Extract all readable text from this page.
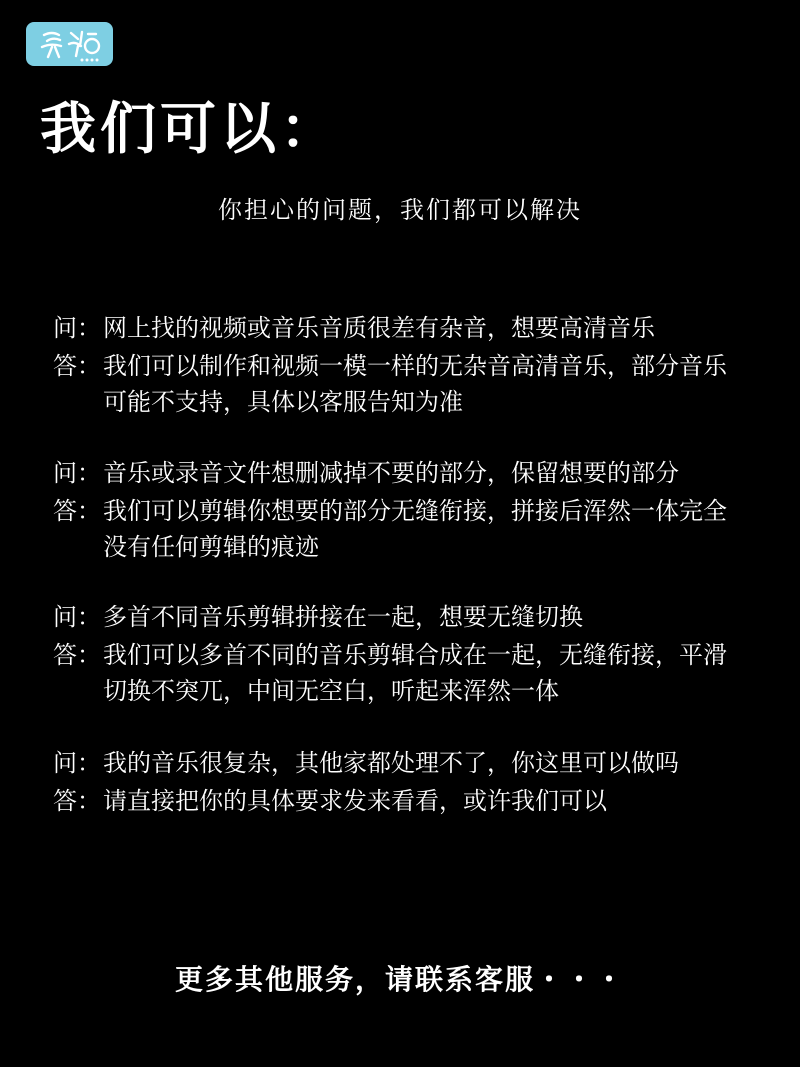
我们可以：
你担心的问题，我们都可以解决
问： 网上找的视频或音乐音质很差有杂音，想要高清音乐
答： 我们可以制作和视频一模一样的无杂音高清音乐，部分音乐可能不支持，具体以客服告知为准
问： 音乐或录音文件想删减掉不要的部分，保留想要的部分
答： 我们可以剪辑你想要的部分无缝衔接，拼接后浑然一体完全没有任何剪辑的痕迹
问： 多首不同音乐剪辑拼接在一起，想要无缝切换
答： 我们可以多首不同的音乐剪辑合成在一起，无缝衔接，平滑切换不突兀，中间无空白，听起来浑然一体
问： 我的音乐很复杂，其他家都处理不了，你这里可以做吗
答： 请直接把你的具体要求发来看看，或许我们可以
更多其他服务，请联系客服・・・
